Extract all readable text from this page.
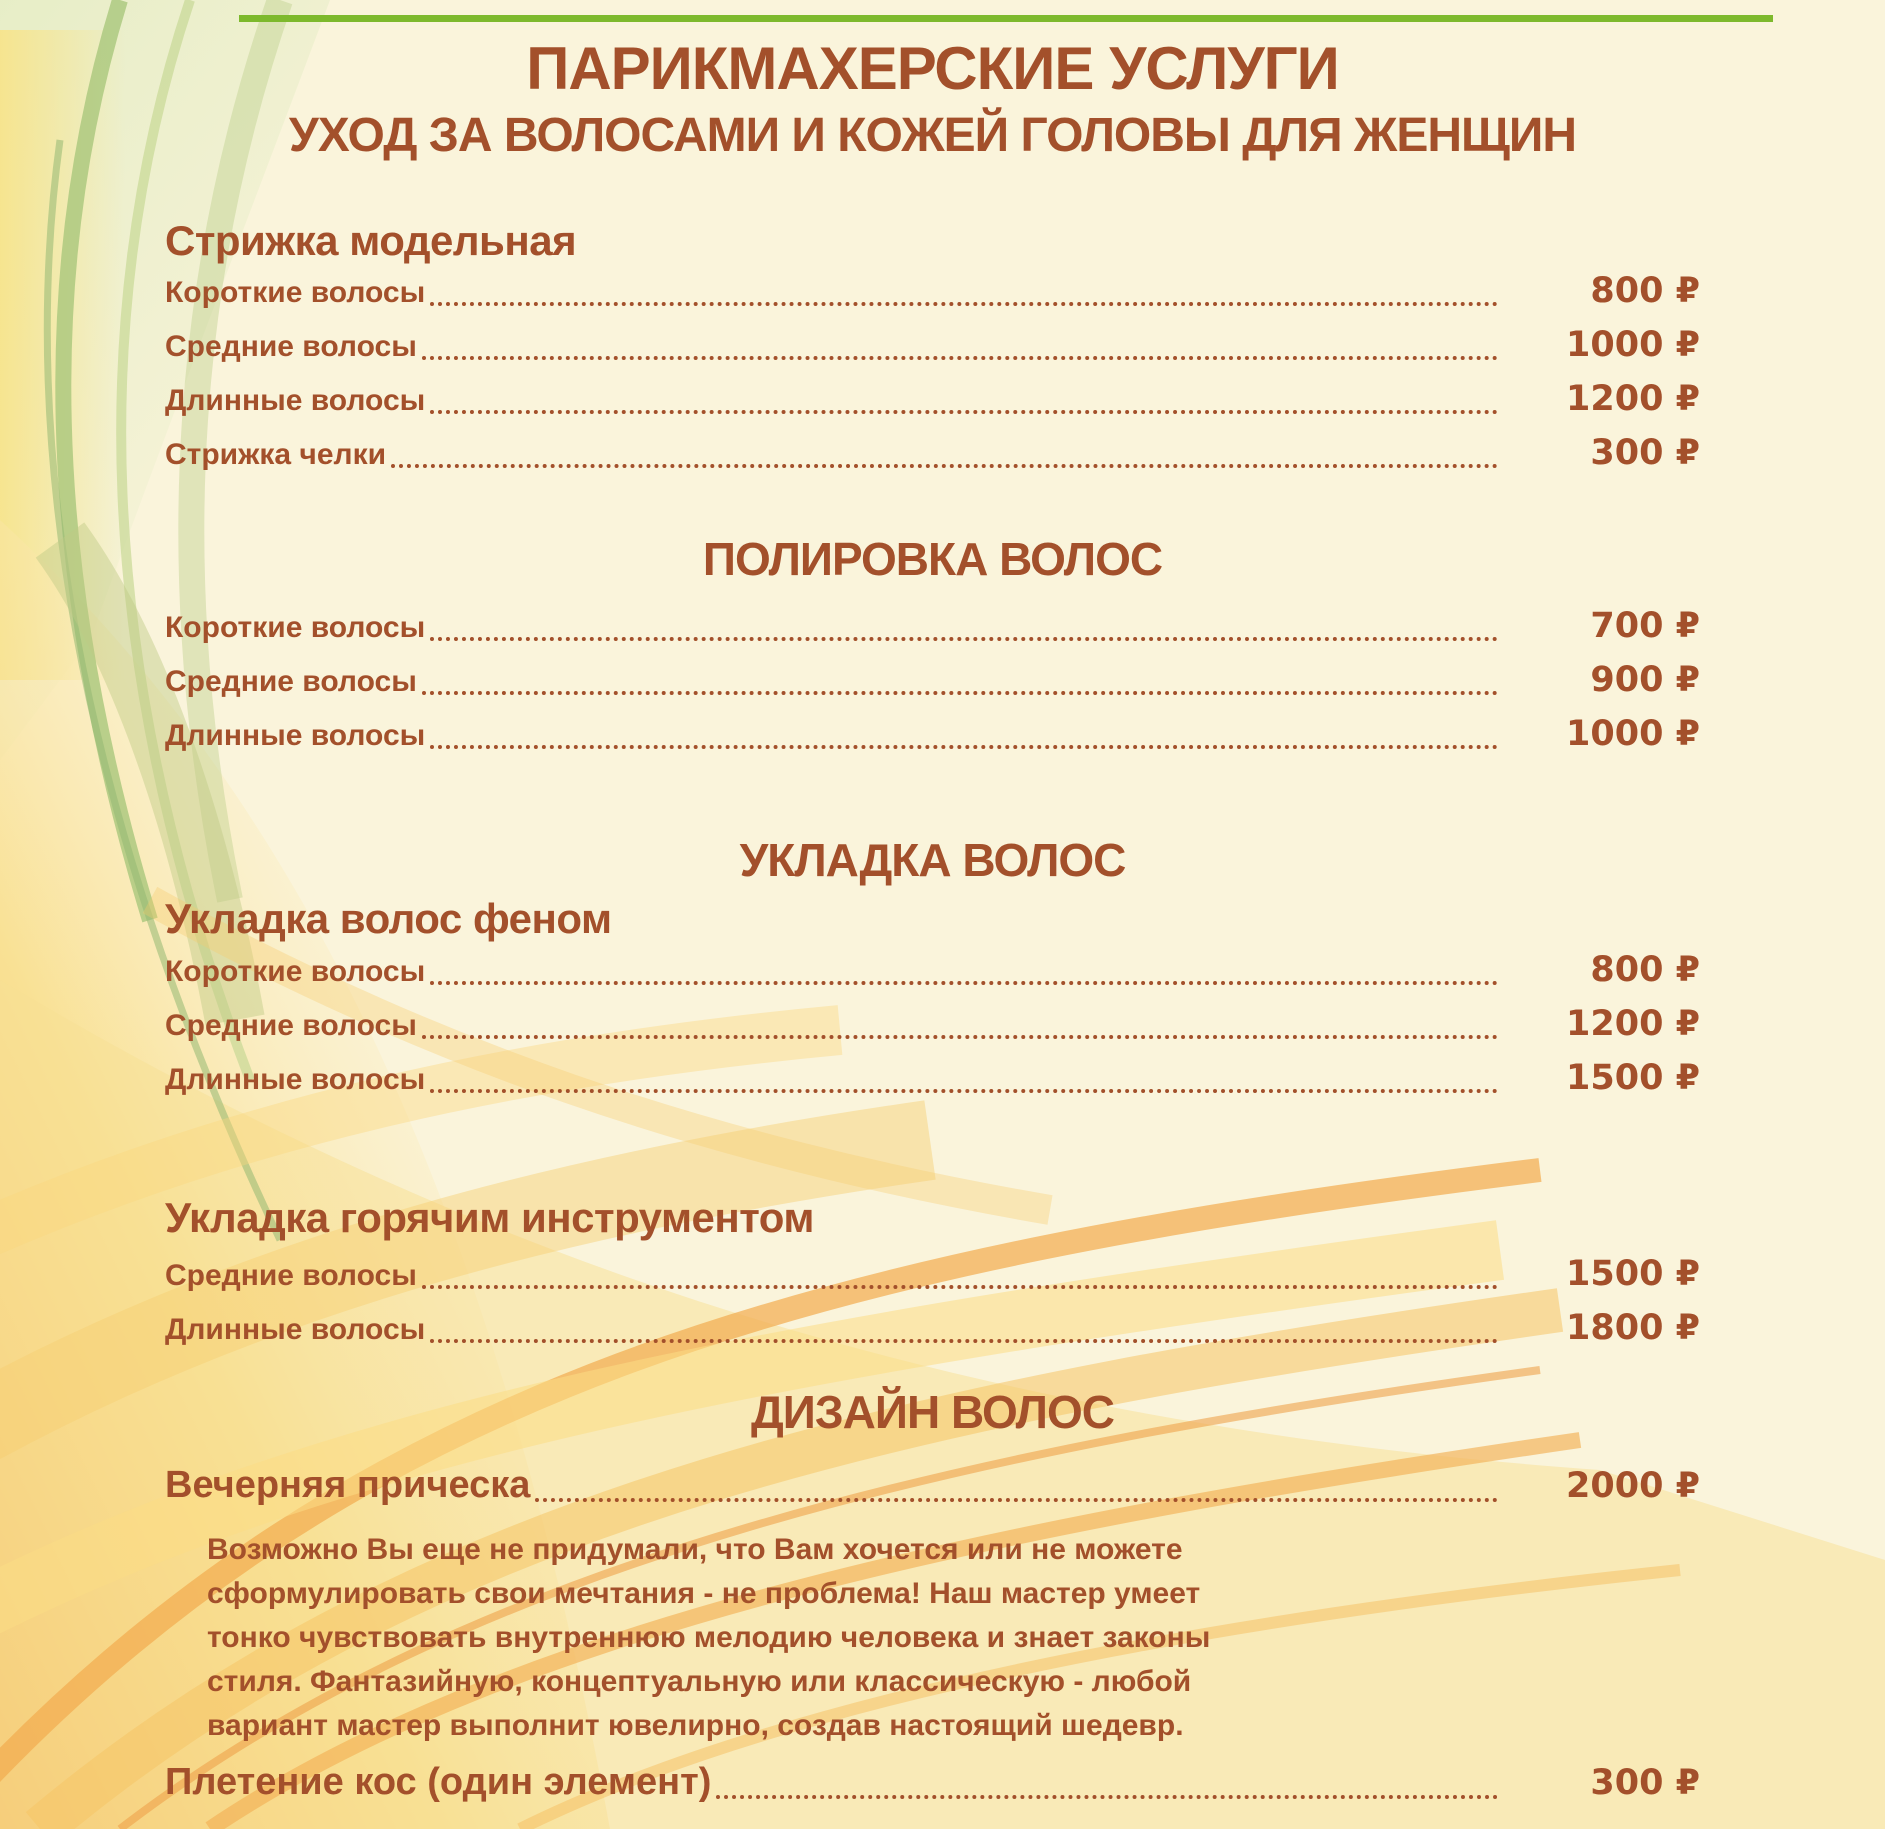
ПАРИКМАХЕРСКИЕ УСЛУГИ
УХОД ЗА ВОЛОСАМИ И КОЖЕЙ ГОЛОВЫ ДЛЯ ЖЕНЩИН
Стрижка модельная
Короткие волосы	800 ₽
Средние волосы	1000 ₽
Длинные волосы	1200 ₽
Стрижка челки	300 ₽
ПОЛИРОВКА ВОЛОС
Короткие волосы	700 ₽
Средние волосы	900 ₽
Длинные волосы	1000 ₽
УКЛАДКА ВОЛОС
Укладка волос феном
Короткие волосы	800 ₽
Средние волосы	1200 ₽
Длинные волосы	1500 ₽
Укладка горячим инструментом
Средние волосы	1500 ₽
Длинные волосы	1800 ₽
ДИЗАЙН ВОЛОС
Вечерняя прическа	2000 ₽

Возможно Вы еще не придумали, что Вам хочется или не можете сформулировать свои мечтания - не проблема! Наш мастер умеет тонко чувствовать внутреннюю мелодию человека и знает законы стиля. Фантазийную, концептуальную или классическую - любой вариант мастер выполнит ювелирно, создав настоящий шедевр.

Плетение кос (один элемент)	300 ₽
